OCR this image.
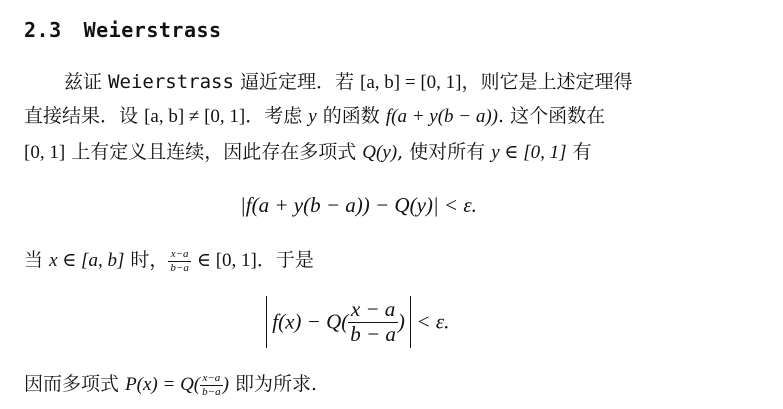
2.3 Weierstrass
兹证 Weierstrass 逼近定理．若 [a, b] = [0, 1]，则它是上述定理得
直接结果．设 [a, b] ≠ [0, 1]．考虑 y 的函数 f(a + y(b − a)). 这个函数在
[0, 1] 上有定义且连续，因此存在多项式 Q(y), 使对所有 y ∈ [0, 1] 有
|f(a + y(b − a)) − Q(y)| < ε.
当 x ∈ [a, b] 时， $\frac{x-a}{b-a}$ ∈ [0, 1]．于是
$f(x) - Q( \frac{x - a}{b - a}$ ) < ε.
因而多项式 $P(x) = Q( \frac{x-a}{b-a}$ ) 即为所求.
